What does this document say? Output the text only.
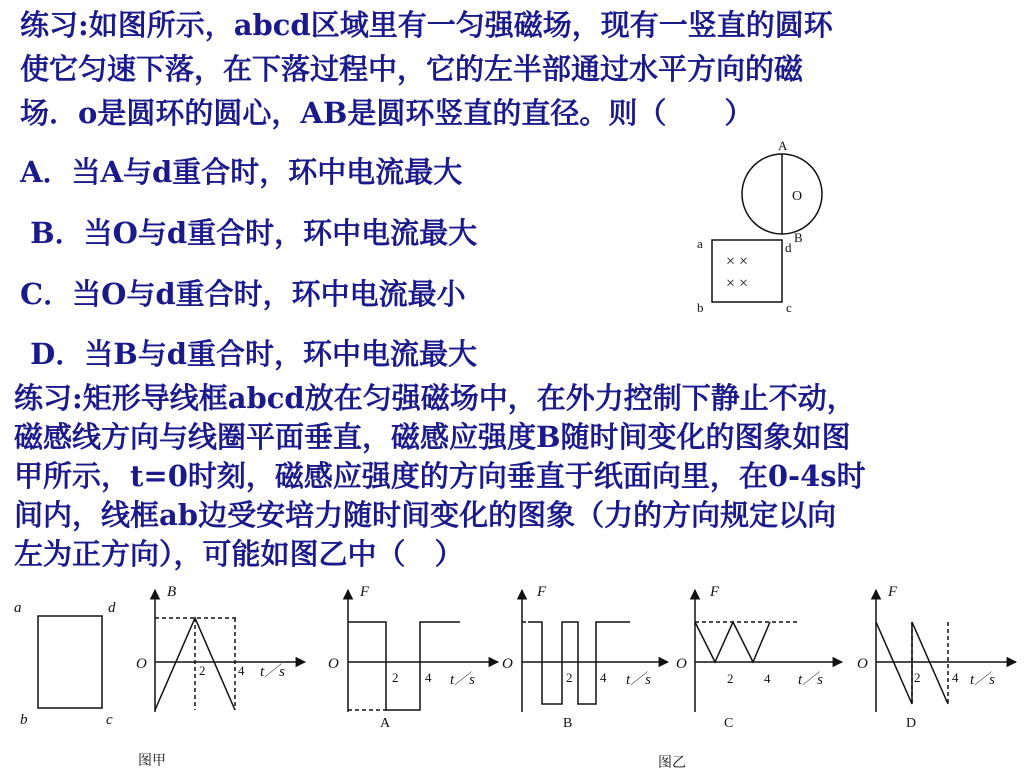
练习:如图所示，abcd区域里有一匀强磁场，现有一竖直的圆环
使它匀速下落，在下落过程中，它的左半部通过水平方向的磁
场．o是圆环的圆心，AB是圆环竖直的直径。则（　　）
A．当A与d重合时，环中电流最大
B．当O与d重合时，环中电流最大
C．当O与d重合时，环中电流最小
D．当B与d重合时，环中电流最大
练习:矩形导线框abcd放在匀强磁场中，在外力控制下静止不动，
磁感线方向与线圈平面垂直，磁感应强度B随时间变化的图象如图
甲所示，t=0时刻，磁感应强度的方向垂直于纸面向里，在0-4s时
间内，线框ab边受安培力随时间变化的图象（力的方向规定以向
左为正方向），可能如图乙中（　）
A
O
B
d
a
b	c
× ×
× ×
a	d
b	c
B
O	2	4 t／s
F
O
2 4 t／s
A
F
O
2 4 t／s
B
F
O
2 4 t／s
C
F
O
2 4 t／s
D
图甲	图乙
